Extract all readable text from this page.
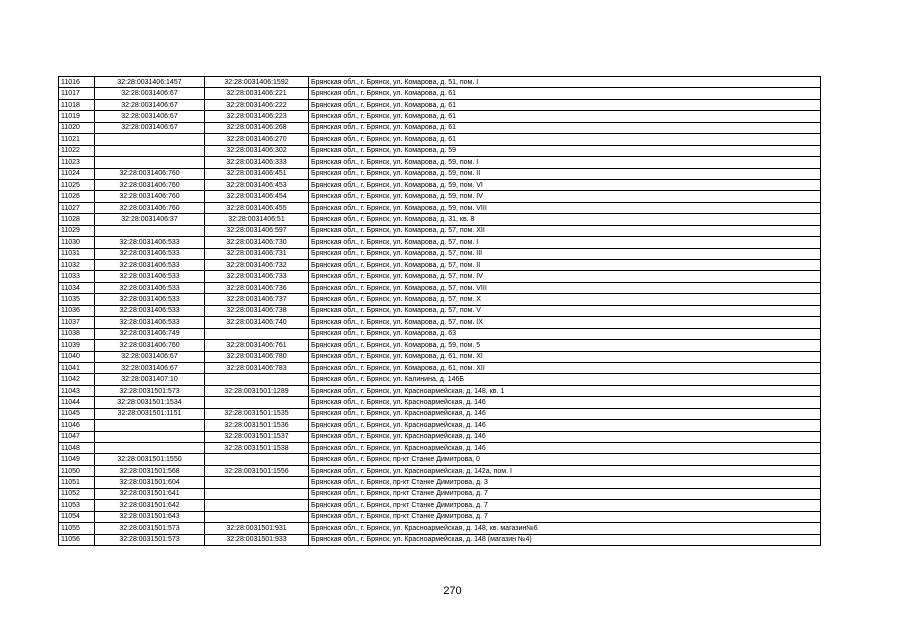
11016	32:28:0031406:1457	32:28:0031406:1592	Брянская обл., г. Брянск, ул. Комарова, д. 51, пом. I
11017	32:28:0031406:67	32:28:0031406:221	Брянская обл., г. Брянск, ул. Комарова, д. 61
11018	32:28:0031406:67	32:28:0031406:222	Брянская обл., г. Брянск, ул. Комарова, д. 61
11019	32:28:0031406:67	32:28:0031406:223	Брянская обл., г. Брянск, ул. Комарова, д. 61
11020	32:28:0031406:67	32:28:0031406:268	Брянская обл., г. Брянск, ул. Комарова, д. 61
11021		32:28:0031406:270	Брянская обл., г. Брянск, ул. Комарова, д. 61
11022		32:28:0031406:302	Брянская обл., г. Брянск, ул. Комарова, д. 59
11023		32:28:0031406:333	Брянская обл., г. Брянск, ул. Комарова, д. 59, пом. I
11024	32:28:0031406:760	32:28:0031406:451	Брянская обл., г. Брянск, ул. Комарова, д. 59, пом. II
11025	32:28:0031406:760	32:28:0031406:453	Брянская обл., г. Брянск, ул. Комарова, д. 59, пом. VI
11026	32:28:0031406:760	32:28:0031406:454	Брянская обл., г. Брянск, ул. Комарова, д. 59, пом. IV
11027	32:28:0031406:760	32:28:0031406:455	Брянская обл., г. Брянск, ул. Комарова, д. 59, пом. VIII
11028	32:28:0031406:37	32:28:0031406:51	Брянская обл., г. Брянск, ул. Комарова, д. 31, кв. 8
11029		32:28:0031406:597	Брянская обл., г. Брянск, ул. Комарова, д. 57, пом. XII
11030	32:28:0031406:533	32:28:0031406:730	Брянская обл., г. Брянск, ул. Комарова, д. 57, пом. I
11031	32:28:0031406:533	32:28:0031406:731	Брянская обл., г. Брянск, ул. Комарова, д. 57, пом. III
11032	32:28:0031406:533	32:28:0031406:732	Брянская обл., г. Брянск, ул. Комарова, д. 57, пом. II
11033	32:28:0031406:533	32:28:0031406:733	Брянская обл., г. Брянск, ул. Комарова, д. 57, пом. IV
11034	32:28:0031406:533	32:28:0031406:736	Брянская обл., г. Брянск, ул. Комарова, д. 57, пом. VIII
11035	32:28:0031406:533	32:28:0031406:737	Брянская обл., г. Брянск, ул. Комарова, д. 57, пом. X
11036	32:28:0031406:533	32:28:0031406:738	Брянская обл., г. Брянск, ул. Комарова, д. 57, пом. V
11037	32:28:0031406:533	32:28:0031406:740	Брянская обл., г. Брянск, ул. Комарова, д. 57, пом. IX
11038	32:28:0031406:749		Брянская обл., г. Брянск, ул. Комарова, д. 63
11039	32:28:0031406:760	32:28:0031406:761	Брянская обл., г. Брянск, ул. Комарова, д. 59, пом. 5
11040	32:28:0031406:67	32:28:0031406:780	Брянская обл., г. Брянск, ул. Комарова, д. 61, пом. XI
11041	32:28:0031406:67	32:28:0031406:783	Брянская обл., г. Брянск, ул. Комарова, д. 61, пом. XII
11042	32:28:0031407:10		Брянская обл., г. Брянск, ул. Калинина, д. 146Б
11043	32:28:0031501:573	32:28:0031501:1289	Брянская обл., г. Брянск, ул. Красноармейская, д. 148, кв. 1
11044	32:28:0031501:1534		Брянская обл., г. Брянск, ул. Красноармейская, д. 146
11045	32:28:0031501:1151	32:28:0031501:1535	Брянская обл., г. Брянск, ул. Красноармейская, д. 146
11046		32:28:0031501:1536	Брянская обл., г. Брянск, ул. Красноармейская, д. 146
11047		32:28:0031501:1537	Брянская обл., г. Брянск, ул. Красноармейская, д. 146
11048		32:28:0031501:1538	Брянская обл., г. Брянск, ул. Красноармейская, д. 146
11049	32:28:0031501:1550		Брянская обл., г. Брянск, пр-кт Станке Димитрова, 0
11050	32:28:0031501:568	32:28:0031501:1556	Брянская обл., г. Брянск, ул. Красноармейская, д. 142а, пом. I
11051	32:28:0031501:604		Брянская обл., г. Брянск, пр-кт Станке Димитрова, д. 3
11052	32:28:0031501:641		Брянская обл., г. Брянск, пр-кт Станке Димитрова, д. 7
11053	32:28:0031501:642		Брянская обл., г. Брянск, пр-кт Станке Димитрова, д. 7
11054	32:28:0031501:643		Брянская обл., г. Брянск, пр-кт Станке Димитрова, д. 7
11055	32:28:0031501:573	32:28:0031501:931	Брянская обл., г. Брянск, ул. Красноармейская, д. 148, кв. магазин№6
11056	32:28:0031501:573	32:28:0031501:933	Брянская обл., г. Брянск, ул. Красноармейская, д. 148 (магазин №4)
270
